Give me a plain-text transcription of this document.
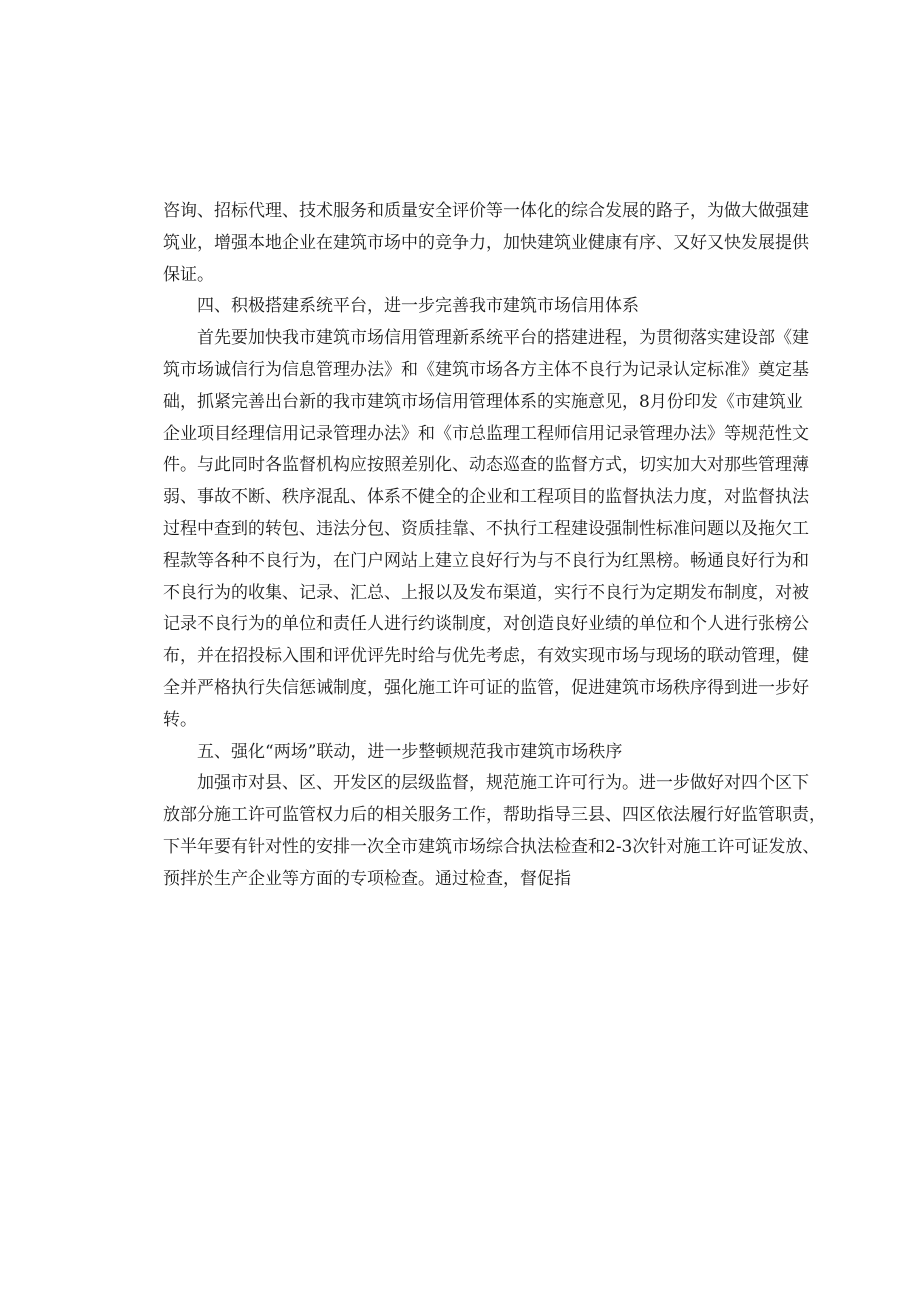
咨询、招标代理、技术服务和质量安全评价等一体化的综合发展的路子，为做大做强建
筑业，增强本地企业在建筑市场中的竞争力，加快建筑业健康有序、又好又快发展提供
保证。
四、积极搭建系统平台，进一步完善我市建筑市场信用体系
首先要加快我市建筑市场信用管理新系统平台的搭建进程，为贯彻落实建设部《建
筑市场诚信行为信息管理办法》和《建筑市场各方主体不良行为记录认定标准》奠定基
础，抓紧完善出台新的我市建筑市场信用管理体系的实施意见，8月份印发《市建筑业
企业项目经理信用记录管理办法》和《市总监理工程师信用记录管理办法》等规范性文
件。与此同时各监督机构应按照差别化、动态巡查的监督方式，切实加大对那些管理薄
弱、事故不断、秩序混乱、体系不健全的企业和工程项目的监督执法力度，对监督执法
过程中查到的转包、违法分包、资质挂靠、不执行工程建设强制性标准问题以及拖欠工
程款等各种不良行为，在门户网站上建立良好行为与不良行为红黑榜。畅通良好行为和
不良行为的收集、记录、汇总、上报以及发布渠道，实行不良行为定期发布制度，对被
记录不良行为的单位和责任人进行约谈制度，对创造良好业绩的单位和个人进行张榜公
布，并在招投标入围和评优评先时给与优先考虑，有效实现市场与现场的联动管理，健
全并严格执行失信惩诫制度，强化施工许可证的监管，促进建筑市场秩序得到进一步好
转。
五、强化“两场”联动，进一步整顿规范我市建筑市场秩序
加强市对县、区、开发区的层级监督，规范施工许可行为。进一步做好对四个区下
放部分施工许可监管权力后的相关服务工作，帮助指导三县、四区依法履行好监管职责，
下半年要有针对性的安排一次全市建筑市场综合执法检查和2-3次针对施工许可证发放、
预拌於生产企业等方面的专项检查。通过检查，督促指
